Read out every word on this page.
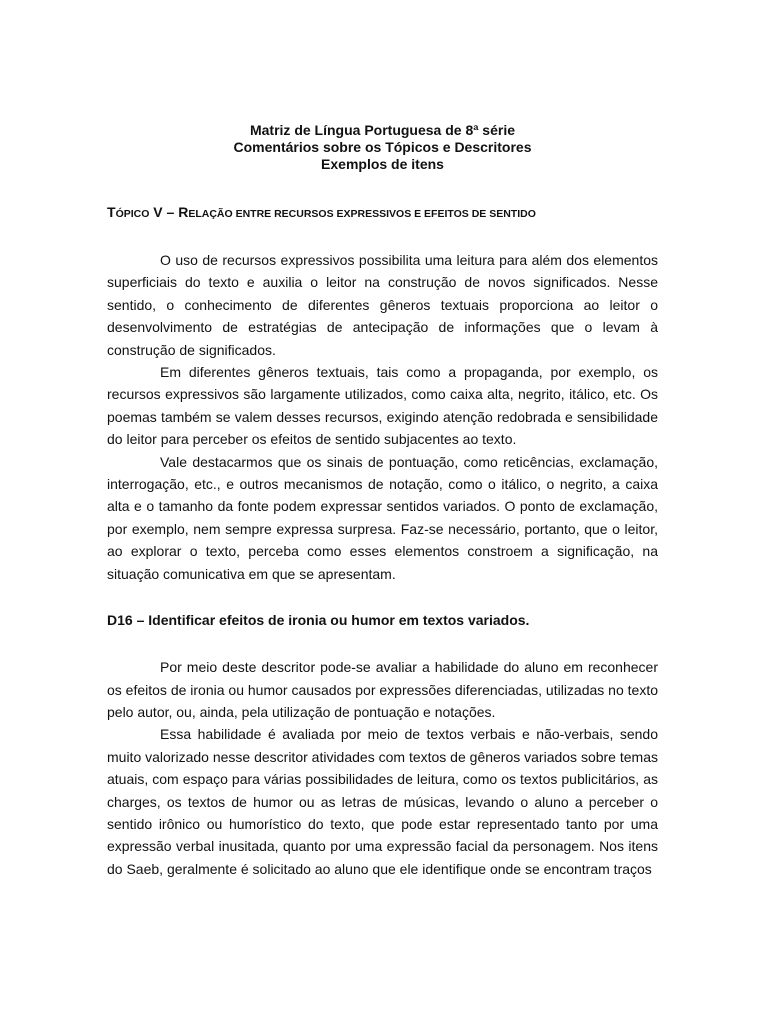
Matriz de Língua Portuguesa de 8ª série
Comentários sobre os Tópicos e Descritores
Exemplos de itens
TÓPICO V – RELAÇÃO ENTRE RECURSOS EXPRESSIVOS E EFEITOS DE SENTIDO

O uso de recursos expressivos possibilita uma leitura para além dos elementos superficiais do texto e auxilia o leitor na construção de novos significados. Nesse sentido, o conhecimento de diferentes gêneros textuais proporciona ao leitor o desenvolvimento de estratégias de antecipação de informações que o levam à construção de significados.

Em diferentes gêneros textuais, tais como a propaganda, por exemplo, os recursos expressivos são largamente utilizados, como caixa alta, negrito, itálico, etc. Os poemas também se valem desses recursos, exigindo atenção redobrada e sensibilidade do leitor para perceber os efeitos de sentido subjacentes ao texto.

Vale destacarmos que os sinais de pontuação, como reticências, exclamação, interrogação, etc., e outros mecanismos de notação, como o itálico, o negrito, a caixa alta e o tamanho da fonte podem expressar sentidos variados. O ponto de exclamação, por exemplo, nem sempre expressa surpresa. Faz-se necessário, portanto, que o leitor, ao explorar o texto, perceba como esses elementos constroem a significação, na situação comunicativa em que se apresentam.

D16 – Identificar efeitos de ironia ou humor em textos variados.

Por meio deste descritor pode-se avaliar a habilidade do aluno em reconhecer os efeitos de ironia ou humor causados por expressões diferenciadas, utilizadas no texto pelo autor, ou, ainda, pela utilização de pontuação e notações.

Essa habilidade é avaliada por meio de textos verbais e não-verbais, sendo muito valorizado nesse descritor atividades com textos de gêneros variados sobre temas atuais, com espaço para várias possibilidades de leitura, como os textos publicitários, as charges, os textos de humor ou as letras de músicas, levando o aluno a perceber o sentido irônico ou humorístico do texto, que pode estar representado tanto por uma expressão verbal inusitada, quanto por uma expressão facial da personagem. Nos itens do Saeb, geralmente é solicitado ao aluno que ele identifique onde se encontram traços
